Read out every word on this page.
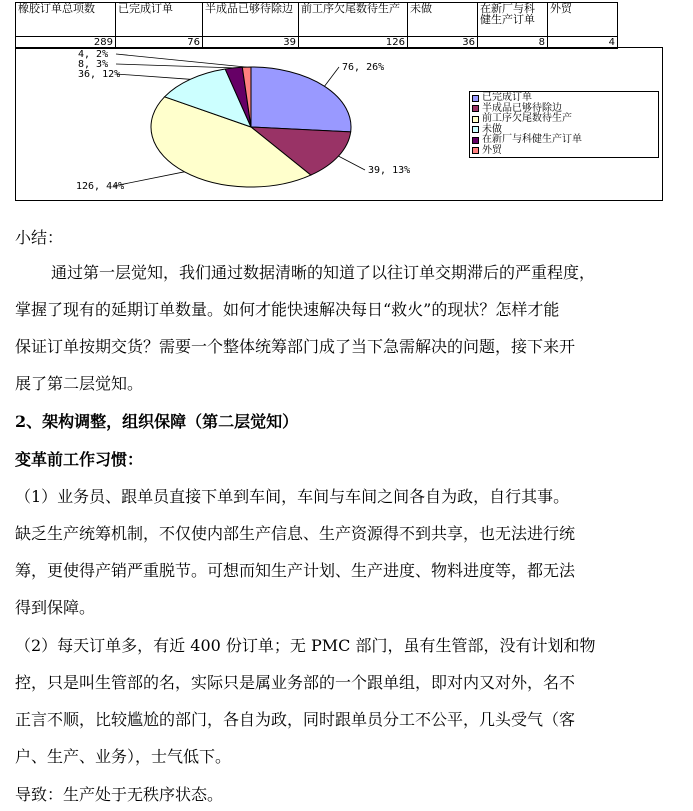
橡胶订单总项数	已完成订单	半成品已够待除边	前工序欠尾数待生产	未做	在新厂与科健生产订单	外贸
289	76	39	126	36	8	4
76, 26%
39, 13%
126, 44%
36, 12%
8, 3%
4, 2%
已完成订单
半成品已够待除边
前工序欠尾数待生产
未做
在新厂与科健生产订单
外贸
小结：
通过第一层觉知，我们通过数据清晰的知道了以往订单交期滞后的严重程度，
掌握了现有的延期订单数量。如何才能快速解决每日“救火”的现状？怎样才能
保证订单按期交货？需要一个整体统筹部门成了当下急需解决的问题，接下来开
展了第二层觉知。
2、架构调整，组织保障（第二层觉知）
变革前工作习惯：
（1）业务员、跟单员直接下单到车间，车间与车间之间各自为政，自行其事。
缺乏生产统筹机制，不仅使内部生产信息、生产资源得不到共享，也无法进行统
筹，更使得产销严重脱节。可想而知生产计划、生产进度、物料进度等，都无法
得到保障。
（2）每天订单多，有近 400 份订单；无 PMC 部门，虽有生管部，没有计划和物
控，只是叫生管部的名，实际只是属业务部的一个跟单组，即对内又对外，名不
正言不顺，比较尴尬的部门，各自为政，同时跟单员分工不公平，几头受气（客
户、生产、业务），士气低下。
导致：生产处于无秩序状态。
